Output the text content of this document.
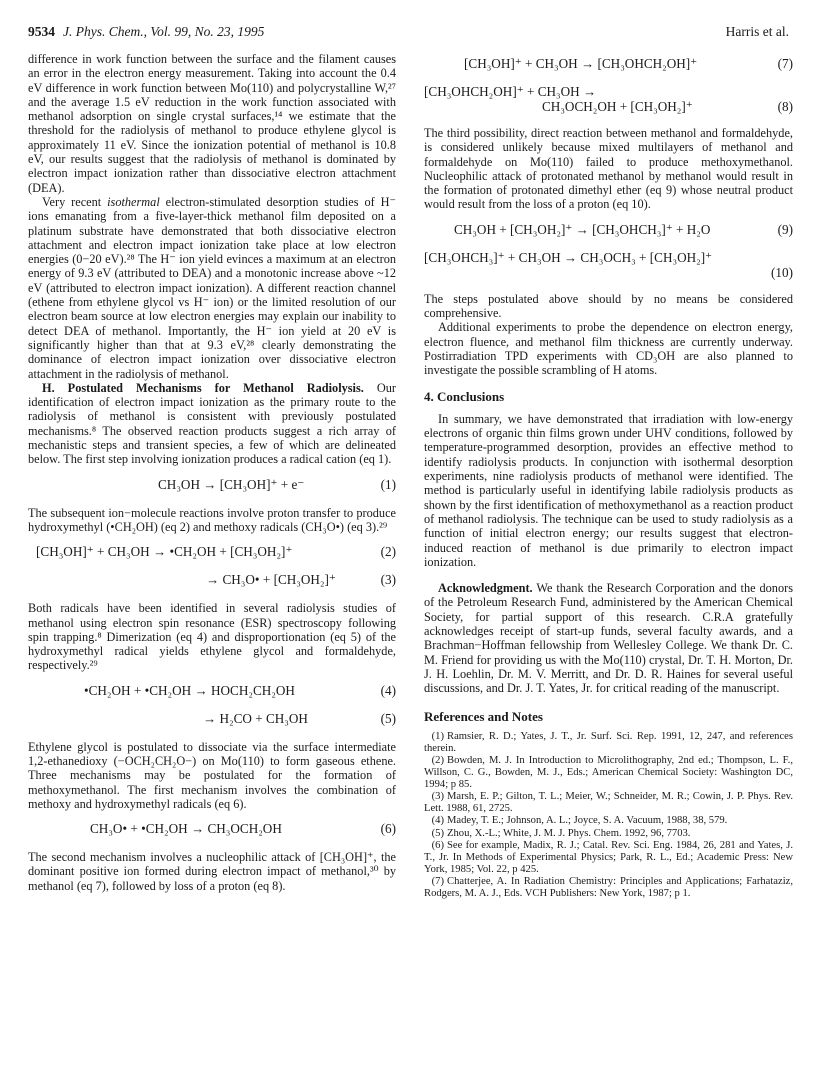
9534 J. Phys. Chem., Vol. 99, No. 23, 1995	Harris et al.

difference in work function between the surface and the filament causes an error in the electron energy measurement. Taking into account the 0.4 eV difference in work function between Mo(110) and polycrystalline W,²⁷ and the average 1.5 eV reduction in the work function associated with methanol adsorption on single crystal surfaces,¹⁴ we estimate that the threshold for the radiolysis of methanol to produce ethylene glycol is approximately 11 eV. Since the ionization potential of methanol is 10.8 eV, our results suggest that the radiolysis of methanol is dominated by electron impact ionization rather than dissociative electron attachment (DEA).

Very recent isothermal electron-stimulated desorption studies of H⁻ ions emanating from a five-layer-thick methanol film deposited on a platinum substrate have demonstrated that both dissociative electron attachment and electron impact ionization take place at low electron energies (0−20 eV).²⁸ The H⁻ ion yield evinces a maximum at an electron energy of 9.3 eV (attributed to DEA) and a monotonic increase above ~12 eV (attributed to electron impact ionization). A different reaction channel (ethene from ethylene glycol vs H⁻ ion) or the limited resolution of our electron beam source at low electron energies may explain our inability to detect DEA of methanol. Importantly, the H⁻ ion yield at 20 eV is significantly higher than that at 9.3 eV,²⁸ clearly demonstrating the dominance of electron impact ionization over dissociative electron attachment in the radiolysis of methanol.

H. Postulated Mechanisms for Methanol Radiolysis. Our identification of electron impact ionization as the primary route to the radiolysis of methanol is consistent with previously postulated mechanisms.⁸ The observed reaction products suggest a rich array of mechanistic steps and transient species, a few of which are delineated below. The first step involving ionization produces a radical cation (eq 1).

CH₃OH → [CH₃OH]⁺ + e⁻	(1)

The subsequent ion−molecule reactions involve proton transfer to produce hydroxymethyl (•CH₂OH) (eq 2) and methoxy radicals (CH₃O•) (eq 3).²⁹

[CH₃OH]⁺ + CH₃OH → •CH₂OH + [CH₃OH₂]⁺	(2)
→ CH₃O• + [CH₃OH₂]⁺	(3)

Both radicals have been identified in several radiolysis studies of methanol using electron spin resonance (ESR) spectroscopy following spin trapping.⁸ Dimerization (eq 4) and disproportionation (eq 5) of the hydroxymethyl radical yields ethylene glycol and formaldehyde, respectively.²⁹

•CH₂OH + •CH₂OH → HOCH₂CH₂OH	(4)
→ H₂CO + CH₃OH	(5)

Ethylene glycol is postulated to dissociate via the surface intermediate 1,2-ethanedioxy (−OCH₂CH₂O−) on Mo(110) to form gaseous ethene. Three mechanisms may be postulated for the formation of methoxymethanol. The first mechanism involves the combination of methoxy and hydroxymethyl radicals (eq 6).

CH₃O• + •CH₂OH → CH₃OCH₂OH	(6)

The second mechanism involves a nucleophilic attack of [CH₃OH]⁺, the dominant positive ion formed during electron impact of methanol,³⁰ by methanol (eq 7), followed by loss of a proton (eq 8).

[CH₃OH]⁺ + CH₃OH → [CH₃OHCH₂OH]⁺	(7)
[CH₃OHCH₂OH]⁺ + CH₃OH →
CH₃OCH₂OH + [CH₃OH₂]⁺	(8)

The third possibility, direct reaction between methanol and formaldehyde, is considered unlikely because mixed multilayers of methanol and formaldehyde on Mo(110) failed to produce methoxymethanol. Nucleophilic attack of protonated methanol by methanol would result in the formation of protonated dimethyl ether (eq 9) whose neutral product would result from the loss of a proton (eq 10).

CH₃OH + [CH₃OH₂]⁺ → [CH₃OHCH₃]⁺ + H₂O	(9)
[CH₃OHCH₃]⁺ + CH₃OH → CH₃OCH₃ + [CH₃OH₂]⁺
(10)

The steps postulated above should by no means be considered comprehensive.

Additional experiments to probe the dependence on electron energy, electron fluence, and methanol film thickness are currently underway. Postirradiation TPD experiments with CD₃OH are also planned to investigate the possible scrambling of H atoms.

4. Conclusions

In summary, we have demonstrated that irradiation with low-energy electrons of organic thin films grown under UHV conditions, followed by temperature-programmed desorption, provides an effective method to identify radiolysis products. In conjunction with isothermal desorption experiments, nine radiolysis products of methanol were identified. The method is particularly useful in identifying labile radiolysis products as shown by the first identification of methoxymethanol as a reaction product of methanol radiolysis. The technique can be used to study radiolysis as a function of initial electron energy; our results suggest that electron-induced reaction of methanol is due primarily to electron impact ionization.

Acknowledgment. We thank the Research Corporation and the donors of the Petroleum Research Fund, administered by the American Chemical Society, for partial support of this research. C.R.A gratefully acknowledges receipt of start-up funds, several faculty awards, and a Brachman−Hoffman fellowship from Wellesley College. We thank Dr. C. M. Friend for providing us with the Mo(110) crystal, Dr. T. H. Morton, Dr. J. H. Loehlin, Dr. M. V. Merritt, and Dr. D. R. Haines for several useful discussions, and Dr. J. T. Yates, Jr. for critical reading of the manuscript.

References and Notes

(1) Ramsier, R. D.; Yates, J. T., Jr. Surf. Sci. Rep. 1991, 12, 247, and references therein.

(2) Bowden, M. J. In Introduction to Microlithography, 2nd ed.; Thompson, L. F., Willson, C. G., Bowden, M. J., Eds.; American Chemical Society: Washington DC, 1994; p 85.

(3) Marsh, E. P.; Gilton, T. L.; Meier, W.; Schneider, M. R.; Cowin, J. P. Phys. Rev. Lett. 1988, 61, 2725.

(4) Madey, T. E.; Johnson, A. L.; Joyce, S. A. Vacuum, 1988, 38, 579.

(5) Zhou, X.-L.; White, J. M. J. Phys. Chem. 1992, 96, 7703.

(6) See for example, Madix, R. J.; Catal. Rev. Sci. Eng. 1984, 26, 281 and Yates, J. T., Jr. In Methods of Experimental Physics; Park, R. L., Ed.; Academic Press: New York, 1985; Vol. 22, p 425.

(7) Chatterjee, A. In Radiation Chemistry: Principles and Applications; Farhataziz, Rodgers, M. A. J., Eds. VCH Publishers: New York, 1987; p 1.
